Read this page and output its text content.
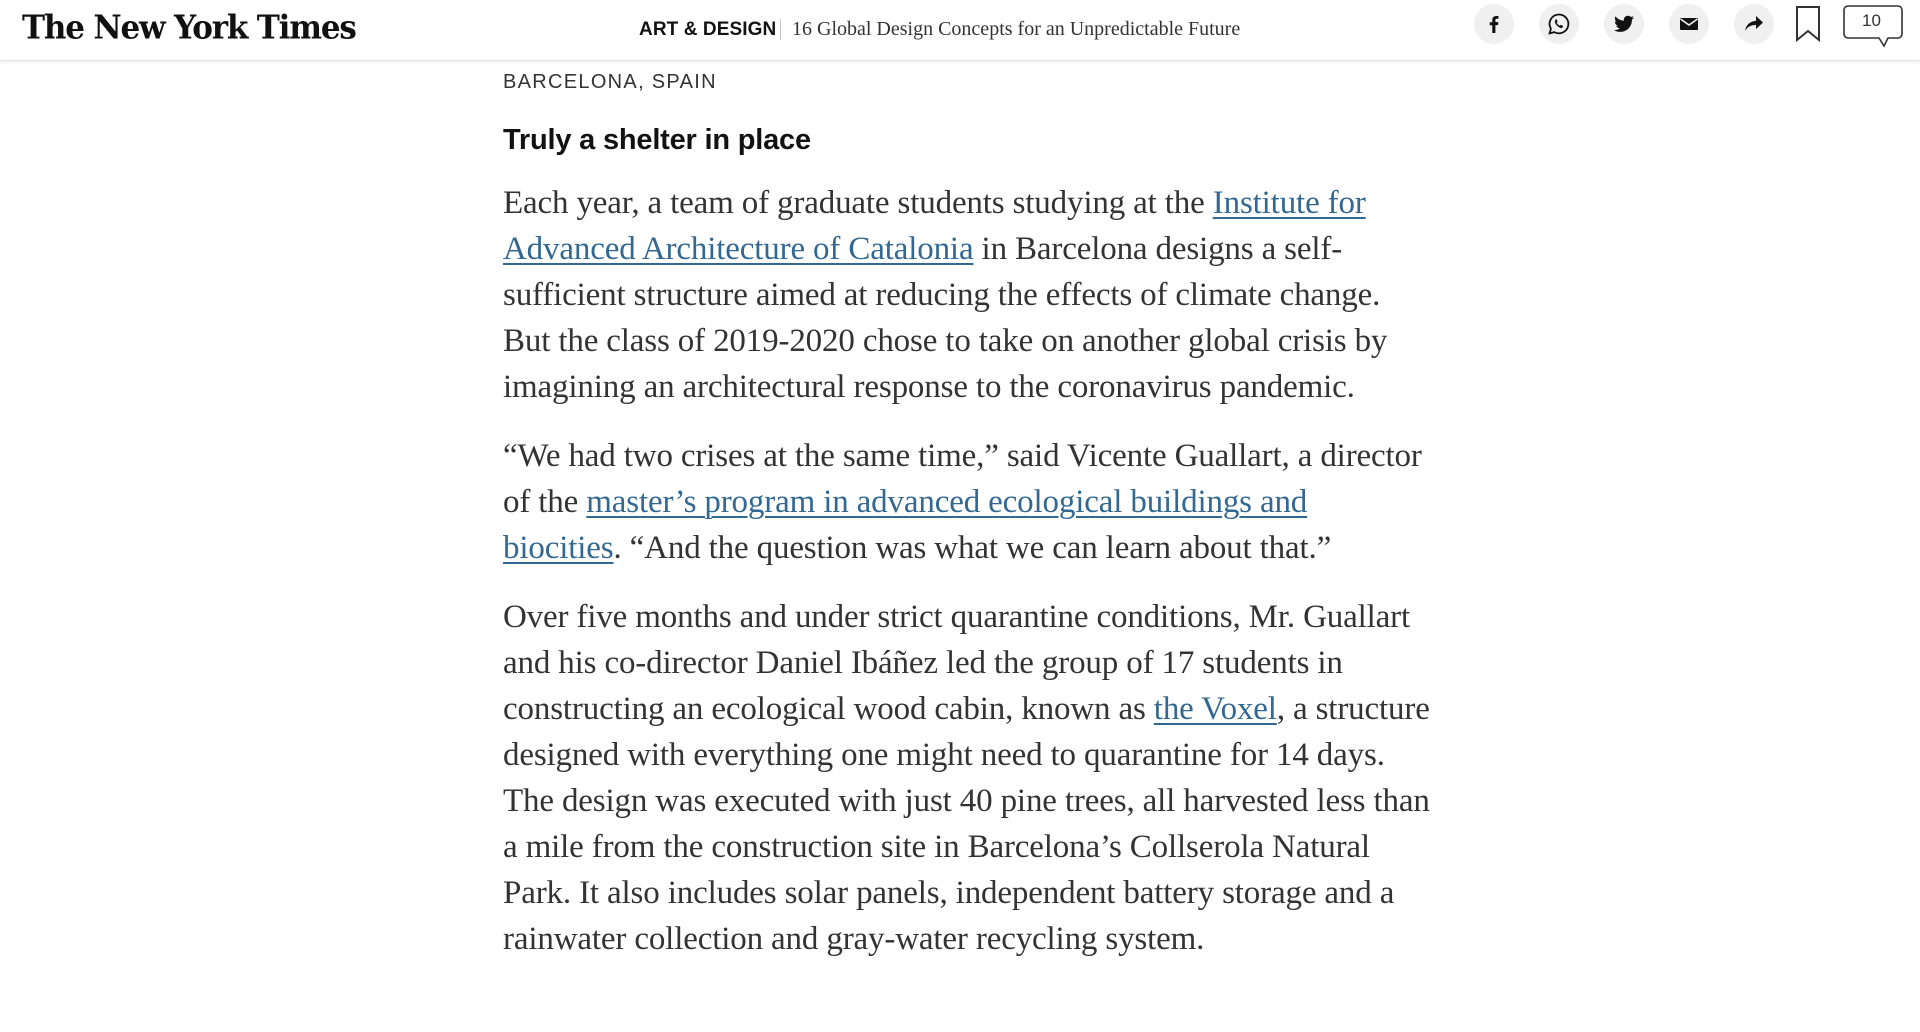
The New York Times	ART & DESIGN 16 Global Design Concepts for an Unpredictable Future	10
BARCELONA, SPAIN
Truly a shelter in place

Each year, a team of graduate students studying at the Institute for Advanced Architecture of Catalonia in Barcelona designs a self-sufficient structure aimed at reducing the effects of climate change. But the class of 2019-2020 chose to take on another global crisis by imagining an architectural response to the coronavirus pandemic.

“We had two crises at the same time,” said Vicente Guallart, a director of the master’s program in advanced ecological buildings and biocities. “And the question was what we can learn about that.”

Over five months and under strict quarantine conditions, Mr. Guallart and his co-director Daniel Ibáñez led the group of 17 students in constructing an ecological wood cabin, known as the Voxel, a structure designed with everything one might need to quarantine for 14 days. The design was executed with just 40 pine trees, all harvested less than a mile from the construction site in Barcelona’s Collserola Natural Park. It also includes solar panels, independent battery storage and a rainwater collection and gray-water recycling system.
